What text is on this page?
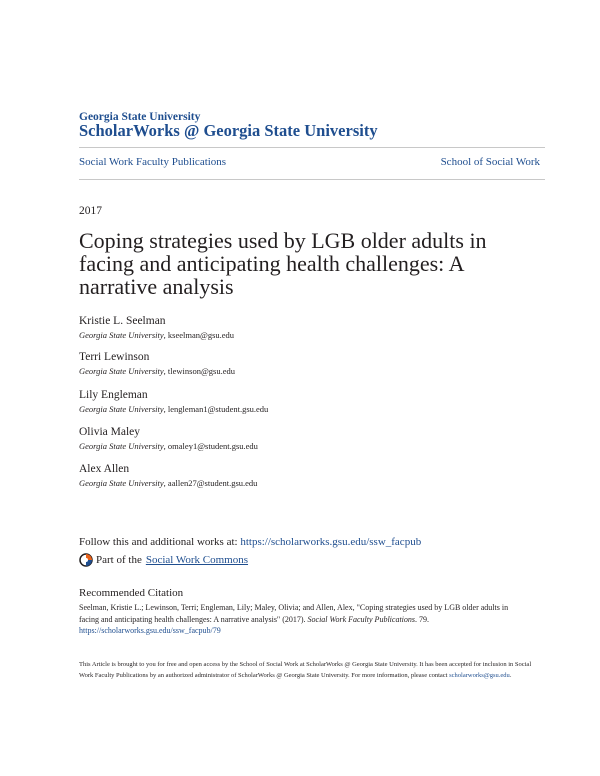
Georgia State University
ScholarWorks @ Georgia State University
Social Work Faculty Publications	School of Social Work
2017
Coping strategies used by LGB older adults in facing and anticipating health challenges: A narrative analysis
Kristie L. Seelman
Georgia State University, kseelman@gsu.edu
Terri Lewinson
Georgia State University, tlewinson@gsu.edu
Lily Engleman
Georgia State University, lengleman1@student.gsu.edu
Olivia Maley
Georgia State University, omaley1@student.gsu.edu
Alex Allen
Georgia State University, aallen27@student.gsu.edu
Follow this and additional works at: https://scholarworks.gsu.edu/ssw_facpub
Part of the Social Work Commons
Recommended Citation
Seelman, Kristie L.; Lewinson, Terri; Engleman, Lily; Maley, Olivia; and Allen, Alex, "Coping strategies used by LGB older adults in facing and anticipating health challenges: A narrative analysis" (2017). Social Work Faculty Publications. 79.
https://scholarworks.gsu.edu/ssw_facpub/79
This Article is brought to you for free and open access by the School of Social Work at ScholarWorks @ Georgia State University. It has been accepted for inclusion in Social Work Faculty Publications by an authorized administrator of ScholarWorks @ Georgia State University. For more information, please contact scholarworks@gsu.edu.
